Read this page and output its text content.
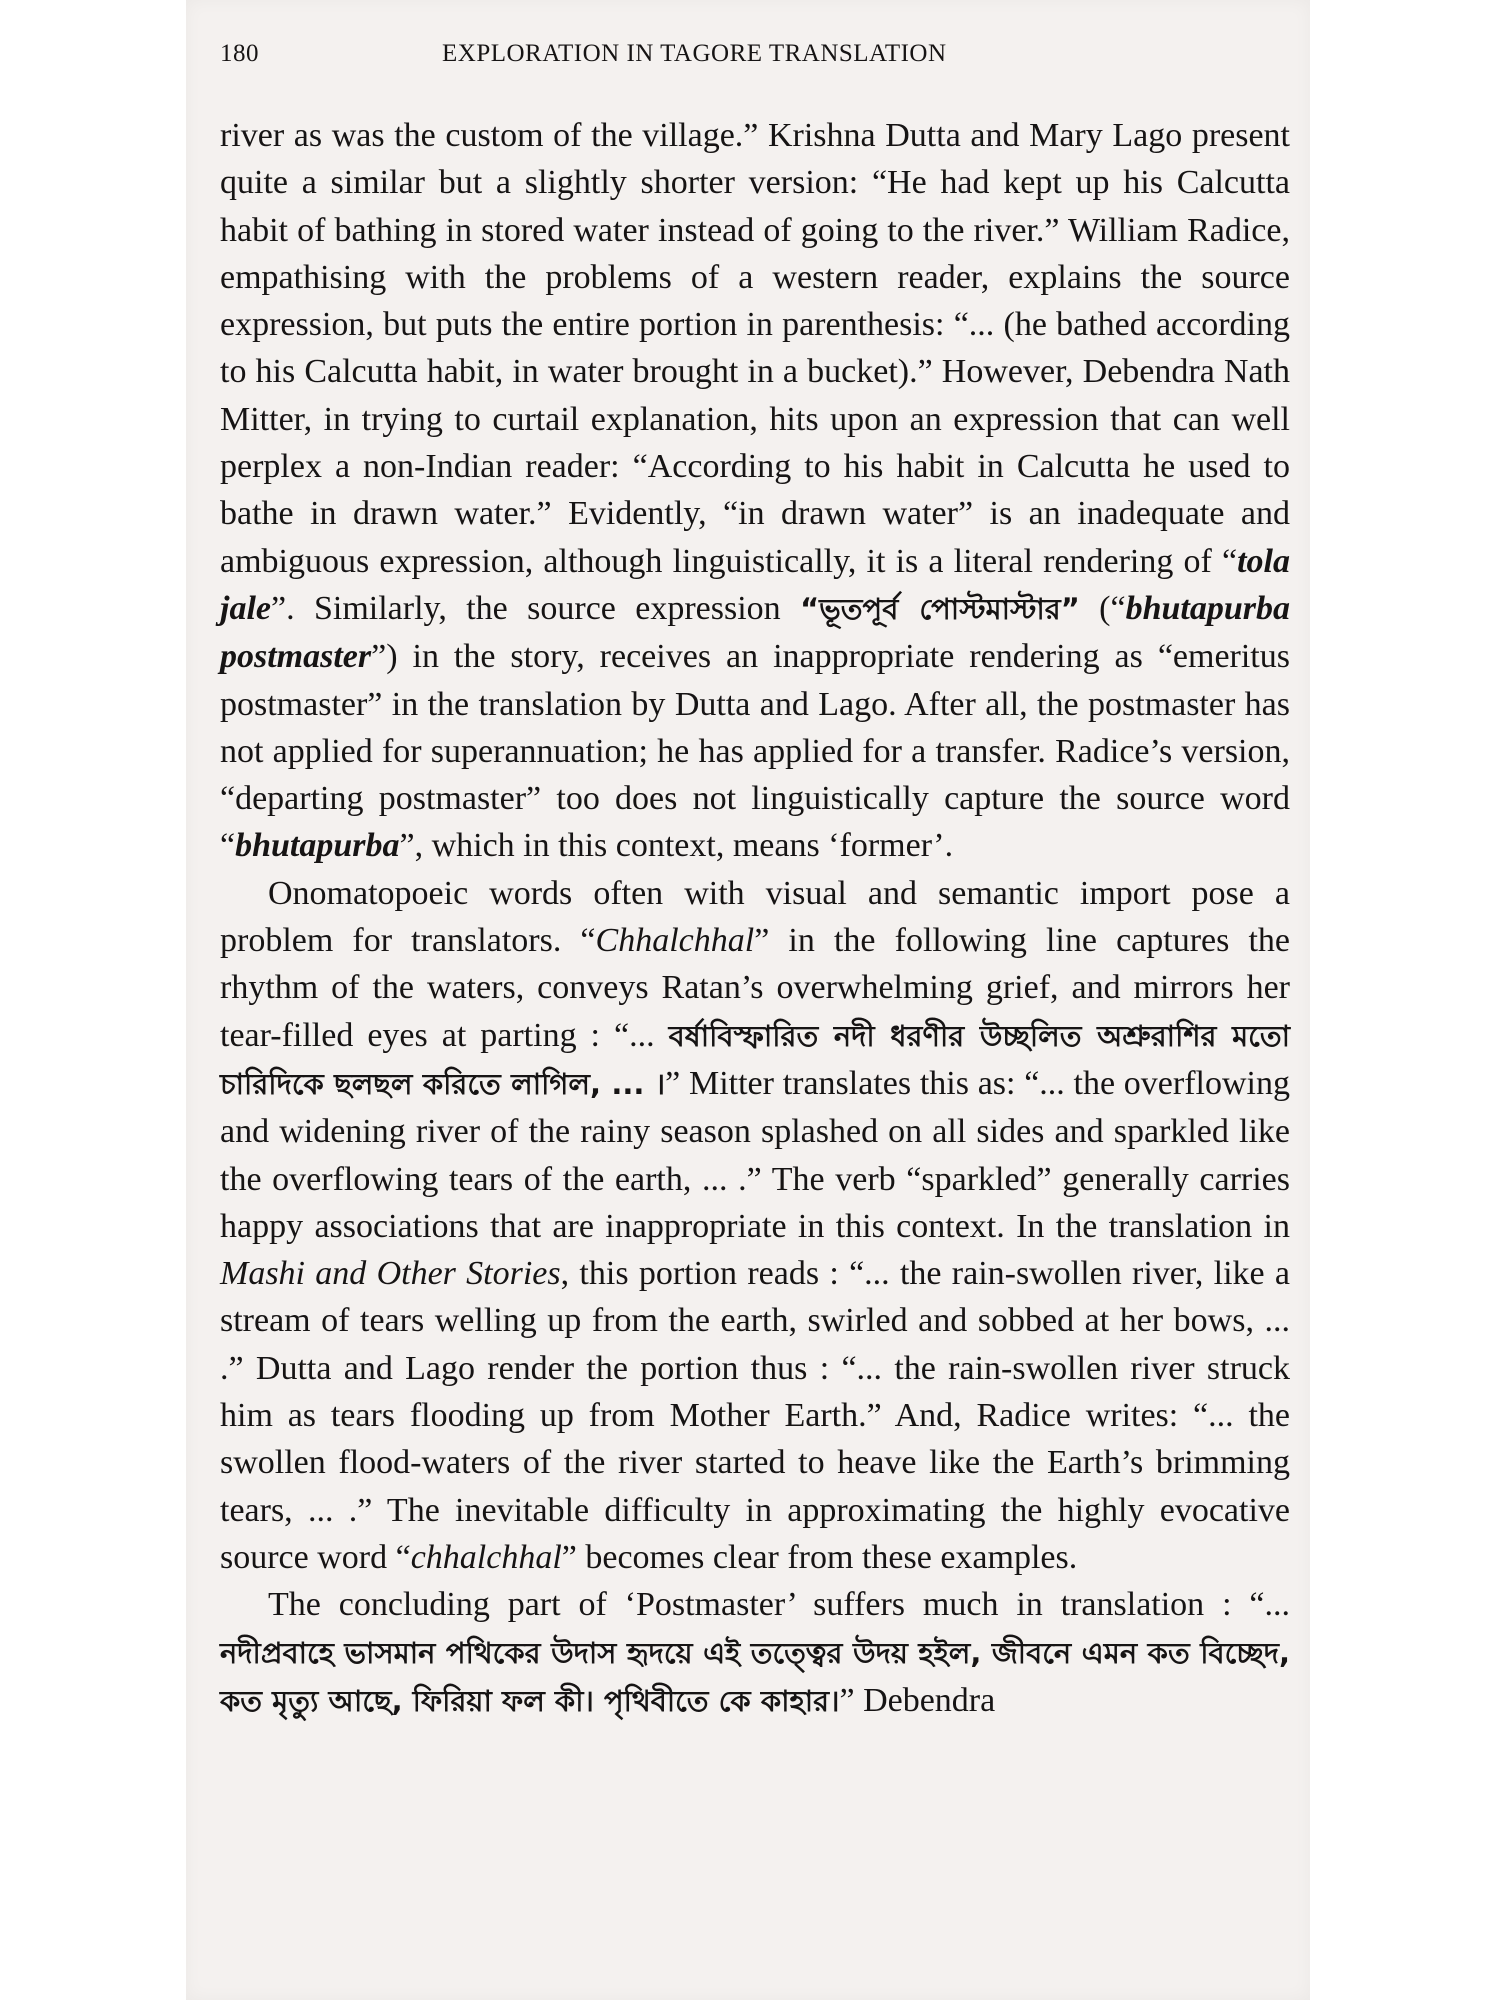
180	EXPLORATION IN TAGORE TRANSLATION

river as was the custom of the village.” Krishna Dutta and Mary Lago present quite a similar but a slightly shorter version: “He had kept up his Calcutta habit of bathing in stored water instead of going to the river.” William Radice, empathising with the problems of a western reader, explains the source expression, but puts the entire portion in parenthesis: “... (he bathed according to his Calcutta habit, in water brought in a bucket).” However, Debendra Nath Mitter, in trying to curtail explanation, hits upon an expression that can well perplex a non-Indian reader: “According to his habit in Calcutta he used to bathe in drawn water.” Evidently, “in drawn water” is an inadequate and ambiguous expression, although linguistically, it is a literal rendering of “tola jale”. Similarly, the source expression “ভূতপূর্ব পোস্টমাস্টার” (“bhutapurba postmaster”) in the story, receives an inappropriate rendering as “emeritus postmaster” in the translation by Dutta and Lago. After all, the postmaster has not applied for superannuation; he has applied for a transfer. Radice’s version, “departing postmaster” too does not linguistically capture the source word “bhutapurba”, which in this context, means ‘former’.

Onomatopoeic words often with visual and semantic import pose a problem for translators. “Chhalchhal” in the following line captures the rhythm of the waters, conveys Ratan’s overwhelming grief, and mirrors her tear-filled eyes at parting : “... বর্ষাবিস্ফারিত নদী ধরণীর উচ্ছলিত অশ্রুরাশির মতো চারিদিকে ছলছল করিতে লাগিল, ... ।” Mitter translates this as: “... the overflowing and widening river of the rainy season splashed on all sides and sparkled like the overflowing tears of the earth, ... .” The verb “sparkled” generally carries happy associations that are inappropriate in this context. In the translation in Mashi and Other Stories, this portion reads : “... the rain-swollen river, like a stream of tears welling up from the earth, swirled and sobbed at her bows, ... .” Dutta and Lago render the portion thus : “... the rain-swollen river struck him as tears flooding up from Mother Earth.” And, Radice writes: “... the swollen flood-waters of the river started to heave like the Earth’s brimming tears, ... .” The inevitable difficulty in approximating the highly evocative source word “chhalchhal” becomes clear from these examples.

The concluding part of ‘Postmaster’ suffers much in translation : “... নদীপ্রবাহে ভাসমান পথিকের উদাস হৃদয়ে এই তত্ত্বের উদয় হইল, জীবনে এমন কত বিচ্ছেদ, কত মৃত্যু আছে, ফিরিয়া ফল কী। পৃথিবীতে কে কাহার।” Debendra
